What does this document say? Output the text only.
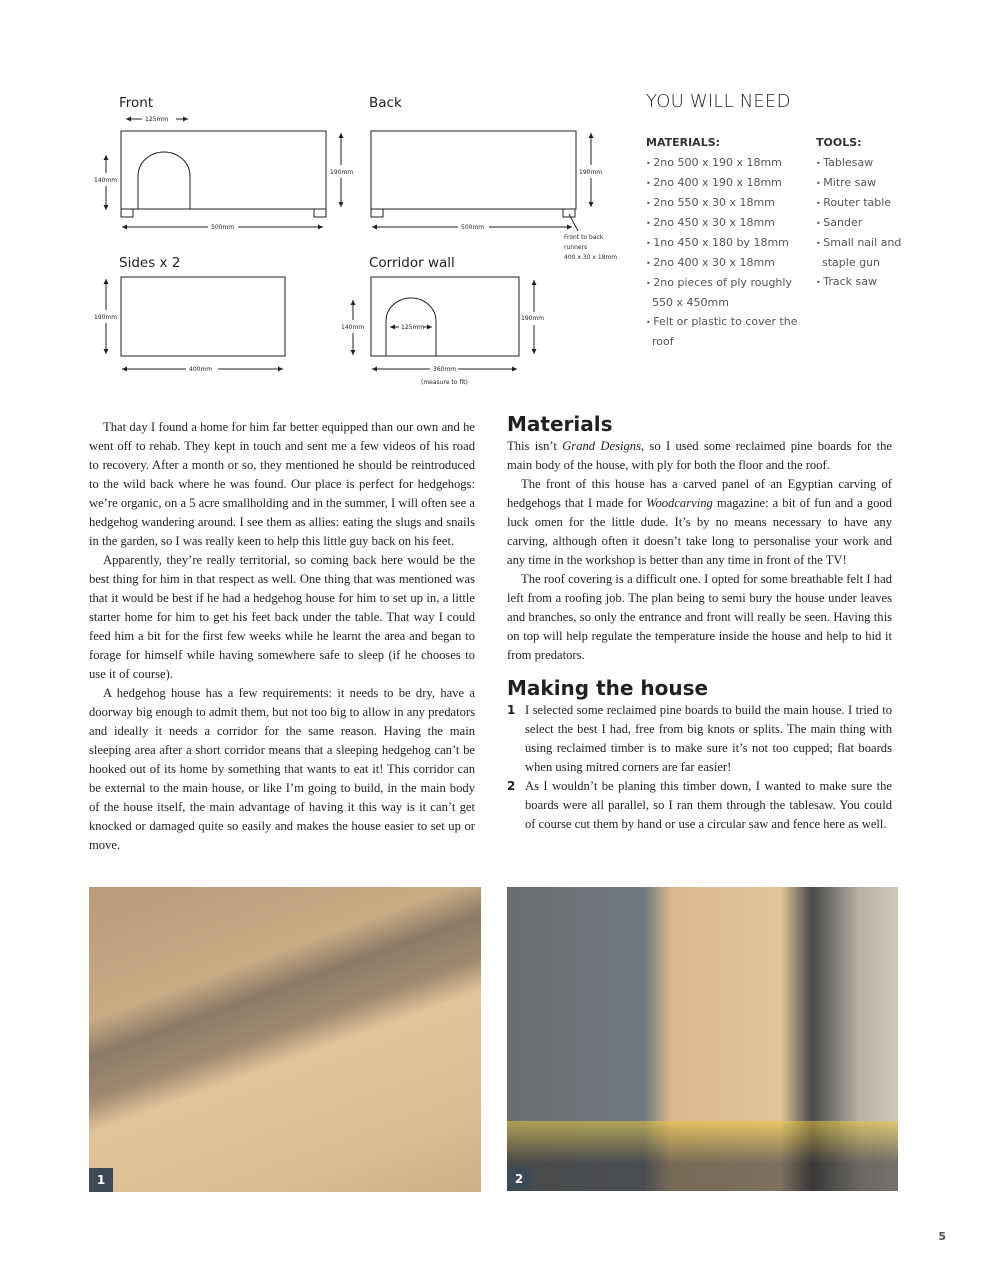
Front
125mm
140mm
190mm
500mm
Back
190mm
500mm
Front to back
runners
400 x 30 x 18mm
Sides x 2
190mm
400mm
Corridor wall
140mm	125mm
190mm
360mm
(measure to fit)
YOU WILL NEED
MATERIALS:
• 2no 500 x 190 x 18mm
• 2no 400 x 190 x 18mm
• 2no 550 x 30 x 18mm
• 2no 450 x 30 x 18mm
• 1no 450 x 180 by 18mm
• 2no 400 x 30 x 18mm
• 2no pieces of ply roughly 550 x 450mm
• Felt or plastic to cover the roof
TOOLS:
• Tablesaw
• Mitre saw
• Router table
• Sander
• Small nail and staple gun
• Track saw

That day I found a home for him far better equipped than our own and he went off to rehab. They kept in touch and sent me a few videos of his road to recovery. After a month or so, they mentioned he should be reintroduced to the wild back where he was found. Our place is perfect for hedgehogs: we’re organic, on a 5 acre smallholding and in the summer, I will often see a hedgehog wandering around. I see them as allies: eating the slugs and snails in the garden, so I was really keen to help this little guy back on his feet.

Apparently, they’re really territorial, so coming back here would be the best thing for him in that respect as well. One thing that was mentioned was that it would be best if he had a hedgehog house for him to set up in, a little starter home for him to get his feet back under the table. That way I could feed him a bit for the first few weeks while he learnt the area and began to forage for himself while having somewhere safe to sleep (if he chooses to use it of course).

A hedgehog house has a few requirements: it needs to be dry, have a doorway big enough to admit them, but not too big to allow in any predators and ideally it needs a corridor for the same reason. Having the main sleeping area after a short corridor means that a sleeping hedgehog can’t be hooked out of its home by something that wants to eat it! This corridor can be external to the main house, or like I’m going to build, in the main body of the house itself, the main advantage of having it this way is it can’t get knocked or damaged quite so easily and makes the house easier to set up or move.

Materials

This isn’t Grand Designs, so I used some reclaimed pine boards for the main body of the house, with ply for both the floor and the roof.

The front of this house has a carved panel of an Egyptian carving of hedgehogs that I made for Woodcarving magazine: a bit of fun and a good luck omen for the little dude. It’s by no means necessary to have any carving, although often it doesn’t take long to personalise your work and any time in the workshop is better than any time in front of the TV!

The roof covering is a difficult one. I opted for some breathable felt I had left from a roofing job. The plan being to semi bury the house under leaves and branches, so only the entrance and front will really be seen. Having this on top will help regulate the temperature inside the house and help to hid it from predators.

Making the house
1 I selected some reclaimed pine boards to build the main house. I tried to select the best I had, free from big knots or splits. The main thing with using reclaimed timber is to make sure it’s not too cupped; flat boards when using mitred corners are far easier!
2 As I wouldn’t be planing this timber down, I wanted to make sure the boards were all parallel, so I ran them through the tablesaw. You could of course cut them by hand or use a circular saw and fence here as well.
1	2
5
